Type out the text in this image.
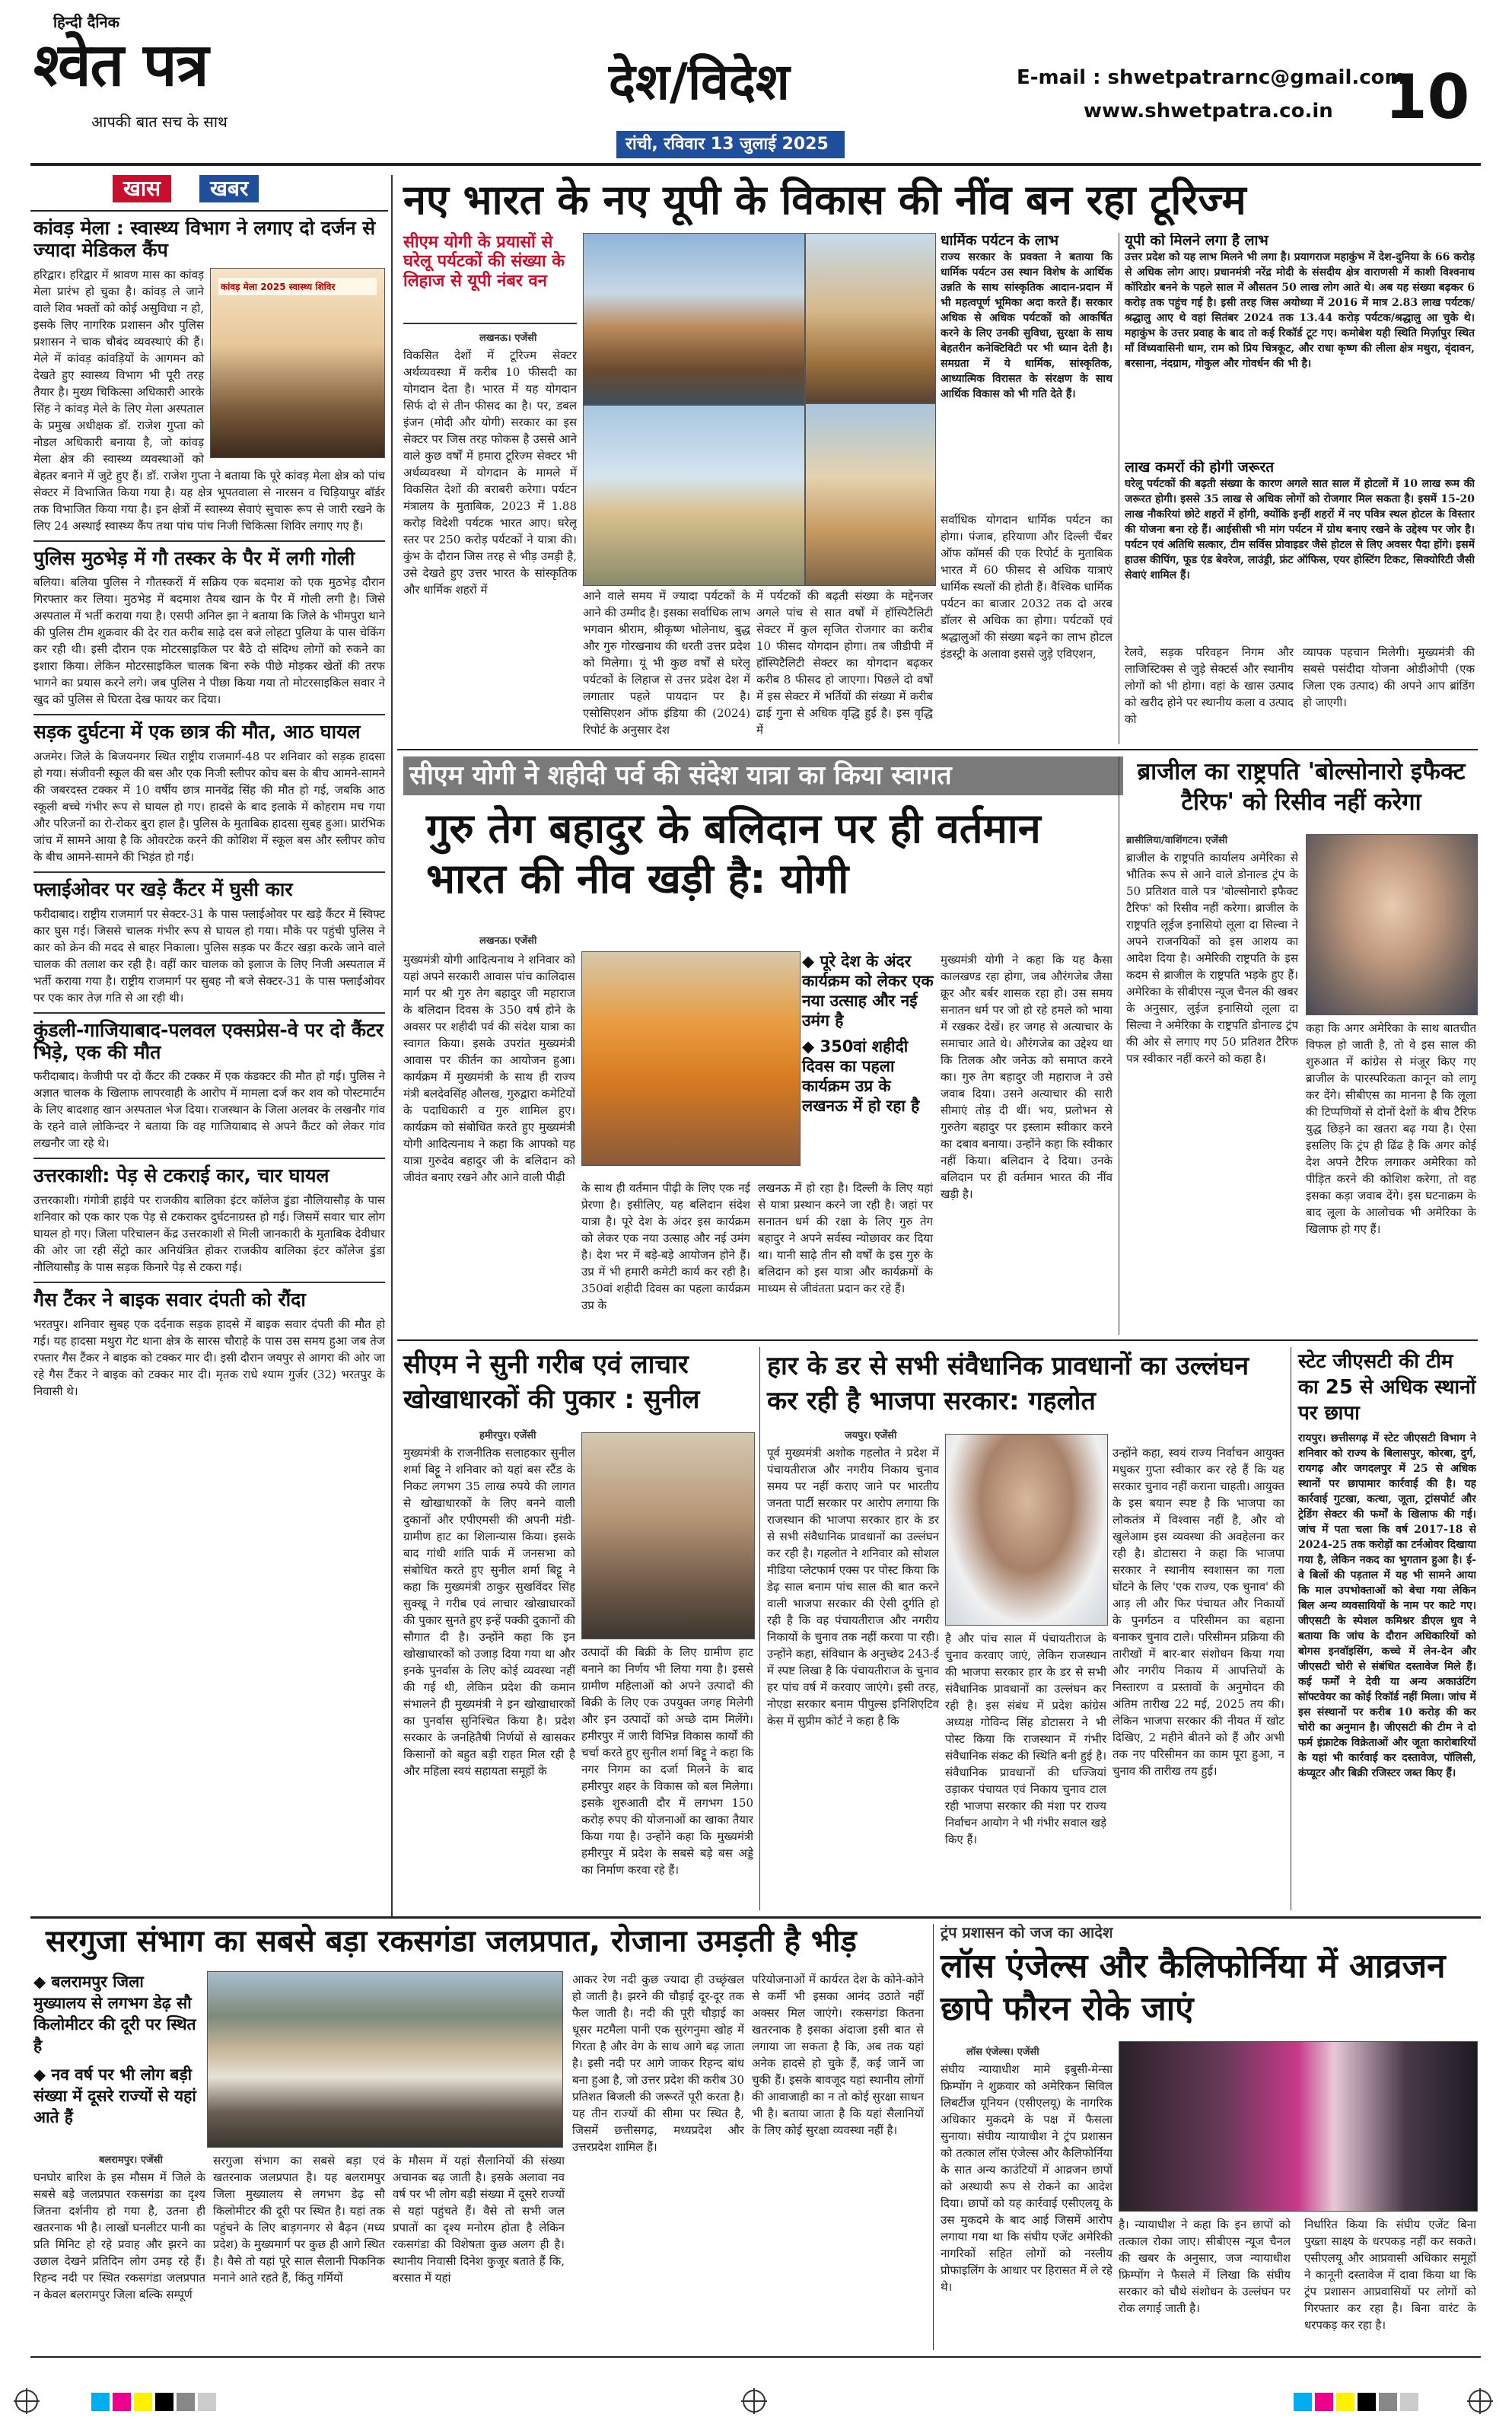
हिन्दी दैनिक
श्वेत पत्र
आपकी बात सच के साथ
देश/विदेश
रांची, रविवार 13 जुलाई 2025
E-mail : shwetpatrarnc@gmail.com
www.shwetpatra.co.in 10
खास	खबर
कांवड़ मेला : स्वास्थ्य विभाग ने लगाए दो दर्जन से ज्यादा मेडिकल कैंप
कांवड़ मेला 2025 स्वास्थ्य शिविर
हरिद्वार। हरिद्वार में श्रावण मास का कांवड़ मेला प्रारंभ हो चुका है। कांवड़ ले जाने वाले शिव भक्तों को कोई असुविधा न हो, इसके लिए नागरिक प्रशासन और पुलिस प्रशासन ने चाक चौबंद व्यवस्थाएं की हैं। मेले में कांवड़ कांवड़ियों के आगमन को देखते हुए स्वास्थ्य विभाग भी पूरी तरह तैयार है। मुख्य चिकित्सा अधिकारी आरके सिंह ने कांवड़ मेले के लिए मेला अस्पताल के प्रमुख अधीक्षक डॉ. राजेश गुप्ता को नोडल अधिकारी बनाया है, जो कांवड़ मेला क्षेत्र की स्वास्थ्य व्यवस्थाओं को बेहतर बनाने में जुटे हुए हैं। डॉ. राजेश गुप्ता ने बताया कि पूरे कांवड़ मेला क्षेत्र को पांच सेक्टर में विभाजित किया गया है। यह क्षेत्र भूपतवाला से नारसन व चिड़ियापुर बॉर्डर तक विभाजित किया गया है। इन क्षेत्रों में स्वास्थ्य सेवाएं सुचारू रूप से जारी रखने के लिए 24 अस्थाई स्वास्थ्य कैंप तथा पांच पांच निजी चिकित्सा शिविर लगाए गए हैं।
पुलिस मुठभेड़ में गौ तस्कर के पैर में लगी गोली
बलिया। बलिया पुलिस ने गौतस्करों में सक्रिय एक बदमाश को एक मुठभेड़ दौरान गिरफ्तार कर लिया। मुठभेड़ में बदमाश तैयब खान के पैर में गोली लगी है। जिसे अस्पताल में भर्ती कराया गया है। एसपी अनिल झा ने बताया कि जिले के भीमपुरा थाने की पुलिस टीम शुक्रवार की देर रात करीब साढ़े दस बजे लोहटा पुलिया के पास चेकिंग कर रही थी। इसी दौरान एक मोटरसाइकिल पर बैठे दो संदिग्ध लोगों को रुकने का इशारा किया। लेकिन मोटरसाइकिल चालक बिना रुके पीछे मोड़कर खेतों की तरफ भागने का प्रयास करने लगे। जब पुलिस ने पीछा किया गया तो मोटरसाइकिल सवार ने खुद को पुलिस से घिरता देख फायर कर दिया।
सड़क दुर्घटना में एक छात्र की मौत, आठ घायल
अजमेर। जिले के बिजयनगर स्थित राष्ट्रीय राजमार्ग-48 पर शनिवार को सड़क हादसा हो गया। संजीवनी स्कूल की बस और एक निजी स्लीपर कोच बस के बीच आमने-सामने की जबरदस्त टक्कर में 10 वर्षीय छात्र मानवेंद्र सिंह की मौत हो गई, जबकि आठ स्कूली बच्चे गंभीर रूप से घायल हो गए। हादसे के बाद इलाके में कोहराम मच गया और परिजनों का रो-रोकर बुरा हाल है। पुलिस के मुताबिक हादसा सुबह हुआ। प्रारंभिक जांच में सामने आया है कि ओवरटेक करने की कोशिश में स्कूल बस और स्लीपर कोच के बीच आमने-सामने की भिड़ंत हो गई।
फ्लाईओवर पर खड़े कैंटर में घुसी कार
फरीदाबाद। राष्ट्रीय राजमार्ग पर सेक्टर-31 के पास फ्लाईओवर पर खड़े कैंटर में स्विफ्ट कार घुस गई। जिससे चालक गंभीर रूप से घायल हो गया। मौके पर पहुंची पुलिस ने कार को क्रेन की मदद से बाहर निकाला। पुलिस सड़क पर कैंटर खड़ा करके जाने वाले चालक की तलाश कर रही है। वहीं कार चालक को इलाज के लिए निजी अस्पताल में भर्ती कराया गया है। राष्ट्रीय राजमार्ग पर सुबह नौ बजे सेक्टर-31 के पास फ्लाईओवर पर एक कार तेज़ गति से आ रही थी।
कुंडली-गाजियाबाद-पलवल एक्सप्रेस-वे पर दो कैंटर भिड़े, एक की मौत
फरीदाबाद। केजीपी पर दो कैंटर की टक्कर में एक कंडक्टर की मौत हो गई। पुलिस ने अज्ञात चालक के खिलाफ लापरवाही के आरोप में मामला दर्ज कर शव को पोस्टमार्टम के लिए बादशाह खान अस्पताल भेज दिया। राजस्थान के जिला अलवर के लखनौर गांव के रहने वाले लोकिन्दर ने बताया कि वह गाजियाबाद से अपने कैंटर को लेकर गांव लखनौर जा रहे थे।
उत्तरकाशी: पेड़ से टकराई कार, चार घायल
उत्तरकाशी। गंगोत्री हाईवे पर राजकीय बालिका इंटर कॉलेज डुंडा नौलियासौड़ के पास शनिवार को एक कार एक पेड़ से टकराकर दुर्घटनाग्रस्त हो गई। जिसमें सवार चार लोग घायल हो गए। जिला परिचालन केंद्र उत्तरकाशी से मिली जानकारी के मुताबिक देवीधार की ओर जा रही सेंट्रो कार अनियंत्रित होकर राजकीय बालिका इंटर कॉलेज डुंडा नौलियासौड़ के पास सड़क किनारे पेड़ से टकरा गई।
गैस टैंकर ने बाइक सवार दंपती को रौंदा
भरतपुर। शनिवार सुबह एक दर्दनाक सड़क हादसे में बाइक सवार दंपती की मौत हो गई। यह हादसा मथुरा गेट थाना क्षेत्र के सारस चौराहे के पास उस समय हुआ जब तेज रफ्तार गैस टैंकर ने बाइक को टक्कर मार दी। इसी दौरान जयपुर से आगरा की ओर जा रहे गैस टैंकर ने बाइक को टक्कर मार दी। मृतक राधे श्याम गुर्जर (32) भरतपुर के निवासी थे।
नए भारत के नए यूपी के विकास की नींव बन रहा टूरिज्म
सीएम योगी के प्रयासों से घरेलू पर्यटकों की संख्या के लिहाज से यूपी नंबर वन
लखनऊ। एजेंसी
विकसित देशों में टूरिज्म सेक्टर अर्थव्यवस्था में करीब 10 फीसदी का योगदान देता है। भारत में यह योगदान सिर्फ दो से तीन फीसद का है। पर, डबल इंजन (मोदी और योगी) सरकार का इस सेक्टर पर जिस तरह फोकस है उससे आने वाले कुछ वर्षों में हमारा टूरिज्म सेक्टर भी अर्थव्यवस्था में योगदान के मामले में विकसित देशों की बराबरी करेगा। पर्यटन मंत्रालय के मुताबिक, 2023 में 1.88 करोड़ विदेशी पर्यटक भारत आए। घरेलू स्तर पर 250 करोड़ पर्यटकों ने यात्रा की। कुंभ के दौरान जिस तरह से भीड़ उमड़ी है, उसे देखते हुए उत्तर भारत के सांस्कृतिक और धार्मिक शहरों में	आने वाले समय में ज्यादा पर्यटकों के आने की उम्मीद है। इसका सर्वाधिक लाभ भगवान श्रीराम, श्रीकृष्ण भोलेनाथ, बुद्ध और गुरु गोरखनाथ की धरती उत्तर प्रदेश को मिलेगा। यूं भी कुछ वर्षों से घरेलू पर्यटकों के लिहाज से उत्तर प्रदेश देश में लगातार पहले पायदान पर है। एसोसिएशन ऑफ इंडिया की (2024) रिपोर्ट के अनुसार देश
में पर्यटकों की बढ़ती संख्या के मद्देनजर अगले पांच से सात वर्षों में हॉस्पिटैलिटी सेक्टर में कुल सृजित रोजगार का करीब 10 फीसद योगदान होगा। तब जीडीपी में हॉस्पिटैलिटी सेक्टर का योगदान बढ़कर करीब 8 फीसद हो जाएगा। पिछले दो वर्षों में इस सेक्टर में भर्तियों की संख्या में करीब ढाई गुना से अधिक वृद्धि हुई है। इस वृद्धि में
धार्मिक पर्यटन के लाभ
राज्य सरकार के प्रवक्ता ने बताया कि धार्मिक पर्यटन उस स्थान विशेष के आर्थिक उन्नति के साथ सांस्कृतिक आदान-प्रदान में भी महत्वपूर्ण भूमिका अदा करते हैं। सरकार अधिक से अधिक पर्यटकों को आकर्षित करने के लिए उनकी सुविधा, सुरक्षा के साथ बेहतरीन कनेक्टिविटी पर भी ध्यान देती है। समग्रता में ये धार्मिक, सांस्कृतिक, आध्यात्मिक विरासत के संरक्षण के साथ आर्थिक विकास को भी गति देते हैं।
सर्वाधिक योगदान धार्मिक पर्यटन का होगा। पंजाब, हरियाणा और दिल्ली चैंबर ऑफ कॉमर्स की एक रिपोर्ट के मुताबिक भारत में 60 फीसद से अधिक यात्राएं धार्मिक स्थलों की होती हैं। वैश्विक धार्मिक पर्यटन का बाजार 2032 तक दो अरब डॉलर से अधिक का होगा। पर्यटकों एवं श्रद्धालुओं की संख्या बढ़ने का लाभ होटल इंडस्ट्री के अलावा इससे जुड़े एविएशन,
यूपी को मिलने लगा है लाभ
उत्तर प्रदेश को यह लाभ मिलने भी लगा है। प्रयागराज महाकुंभ में देश-दुनिया के 66 करोड़ से अधिक लोग आए। प्रधानमंत्री नरेंद्र मोदी के संसदीय क्षेत्र वाराणसी में काशी विश्वनाथ कॉरिडोर बनने के पहले साल में औसतन 50 लाख लोग आते थे। अब यह संख्या बढ़कर 6 करोड़ तक पहुंच गई है। इसी तरह जिस अयोध्या में 2016 में मात्र 2.83 लाख पर्यटक/श्रद्धालु आए थे वहां सितंबर 2024 तक 13.44 करोड़ पर्यटक/श्रद्धालु आ चुके थे। महाकुंभ के उत्तर प्रवाह के बाद तो कई रिकॉर्ड टूट गए। कमोबेश यही स्थिति मिर्ज़ापुर स्थित माँ विंध्यवासिनी धाम, राम को प्रिय चित्रकूट, और राधा कृष्ण की लीला क्षेत्र मथुरा, वृंदावन, बरसाना, नंदग्राम, गोकुल और गोवर्धन की भी है।
लाख कमरों की होगी जरूरत
घरेलू पर्यटकों की बढ़ती संख्या के कारण अगले सात साल में होटलों में 10 लाख रूम की जरूरत होगी। इससे 35 लाख से अधिक लोगों को रोजगार मिल सकता है। इसमें 15-20 लाख नौकरियां छोटे शहरों में होंगी, क्योंकि इन्हीं शहरों में नए पवित्र स्थल होटल के विस्तार की योजना बना रहे हैं। आईसीसी भी मांग पर्यटन में ग्रोथ बनाए रखने के उद्देश्य पर जोर है। पर्यटन एवं अतिथि सत्कार, टीम सर्विस प्रोवाइडर जैसे होटल से लिए अवसर पैदा होंगे। इसमें हाउस कीपिंग, फूड एंड बेवरेज, लाउंड्री, फ्रंट ऑफिस, एयर होस्टिंग टिकट, सिक्योरिटी जैसी सेवाएं शामिल हैं।
रेलवे, सड़क परिवहन निगम और लाजिस्टिक्स से जुड़े सेक्टर्स और स्थानीय लोगों को भी होगा। वहां के खास उत्पाद को खरीद होने पर स्थानीय कला व उत्पाद को
व्यापक पहचान मिलेगी। मुख्यमंत्री की सबसे पसंदीदा योजना ओडीओपी (एक जिला एक उत्पाद) की अपने आप ब्रांडिंग हो जाएगी।
सीएम योगी ने शहीदी पर्व की संदेश यात्रा का किया स्वागत
गुरु तेग बहादुर के बलिदान पर ही वर्तमान भारत की नीव खड़ी है: योगी
लखनऊ। एजेंसी
मुख्यमंत्री योगी आदित्यनाथ ने शनिवार को यहां अपने सरकारी आवास पांच कालिदास मार्ग पर श्री गुरु तेग बहादुर जी महाराज के बलिदान दिवस के 350 वर्ष होने के अवसर पर शहीदी पर्व की संदेश यात्रा का स्वागत किया। इसके उपरांत मुख्यमंत्री आवास पर कीर्तन का आयोजन हुआ। कार्यक्रम में मुख्यमंत्री के साथ ही राज्य मंत्री बलदेवसिंह औलख, गुरुद्वारा कमेटियों के पदाधिकारी व गुरु शामिल हुए। कार्यक्रम को संबोधित करते हुए मुख्यमंत्री योगी आदित्यनाथ ने कहा कि आपको यह यात्रा गुरुदेव बहादुर जी के बलिदान को जीवंत बनाए रखने और आने वाली पीढ़ी
◆ पूरे देश के अंदर कार्यक्रम को लेकर एक नया उत्साह और नई उमंग है
◆ 350वां शहीदी दिवस का पहला कार्यक्रम उप्र के लखनऊ में हो रहा है
के साथ ही वर्तमान पीढ़ी के लिए एक नई प्रेरणा है। इसीलिए, यह बलिदान संदेश यात्रा है। पूरे देश के अंदर इस कार्यक्रम को लेकर एक नया उत्साह और नई उमंग है। देश भर में बड़े-बड़े आयोजन होने हैं। उप्र में भी हमारी कमेटी कार्य कर रही है। 350वां शहीदी दिवस का पहला कार्यक्रम उप्र के
लखनऊ में हो रहा है। दिल्ली के लिए यहां से यात्रा प्रस्थान करने जा रही है। जहां पर सनातन धर्म की रक्षा के लिए गुरु तेग बहादुर ने अपने सर्वस्व न्योछावर कर दिया था। यानी साढ़े तीन सौ वर्षों के इस गुरु के बलिदान को इस यात्रा और कार्यक्रमों के माध्यम से जीवंतता प्रदान कर रहे हैं।
मुख्यमंत्री योगी ने कहा कि यह कैसा कालखण्ड रहा होगा, जब औरंगजेब जैसा क्रूर और बर्बर शासक रहा हो। उस समय सनातन धर्म पर जो हो रहे हमले को भाया में रखकर देखें। हर जगह से अत्याचार के समाचार आते थे। औरंगजेब का उद्देश्य था कि तिलक और जनेऊ को समाप्त करने का। गुरु तेग बहादुर जी महाराज ने उसे जवाब दिया। उसने अत्याचार की सारी सीमाएं तोड़ दी थीं। भय, प्रलोभन से गुरुतेग बहादुर पर इस्लाम स्वीकार करने का दबाव बनाया। उन्होंने कहा कि स्वीकार नहीं किया। बलिदान दे दिया। उनके बलिदान पर ही वर्तमान भारत की नींव खड़ी है।
ब्राजील का राष्ट्रपति 'बोल्सोनारो इफैक्ट टैरिफ' को रिसीव नहीं करेगा
ब्रासीलिया/वाशिंगटन। एजेंसी
ब्राजील के राष्ट्रपति कार्यालय अमेरिका से भौतिक रूप से आने वाले डोनाल्ड ट्रंप के 50 प्रतिशत वाले पत्र 'बोल्सोनारो इफैक्ट टैरिफ' को रिसीव नहीं करेगा। ब्राजील के राष्ट्रपति लूईज इनासियो लूला दा सिल्वा ने अपने राजनयिकों को इस आशय का आदेश दिया है। अमेरिकी राष्ट्रपति के इस कदम से ब्राजील के राष्ट्रपति भड़के हुए हैं। अमेरिका के सीबीएस न्यूज चैनल की खबर के अनुसार, लुईज इनासियो लूला दा सिल्वा ने अमेरिका के राष्ट्रपति डोनाल्ड ट्रंप की ओर से लगाए गए 50 प्रतिशत टैरिफ पत्र स्वीकार नहीं करने को कहा है।
कहा कि अगर अमेरिका के साथ बातचीत विफल हो जाती है, तो वे इस साल की शुरुआत में कांग्रेस से मंजूर किए गए ब्राजील के पारस्परिकता कानून को लागू कर देंगे। सीबीएस का मानना है कि लूला की टिप्पणियों से दोनों देशों के बीच टैरिफ युद्ध छिड़ने का खतरा बढ़ गया है। ऐसा इसलिए कि ट्रंप ही ढिंढ है कि अगर कोई देश अपने टैरिफ लगाकर अमेरिका को पीड़ित करने की कोशिश करेगा, तो वह इसका कड़ा जवाब देंगे। इस घटनाक्रम के बाद लूला के आलोचक भी अमेरिका के खिलाफ हो गए हैं।
सीएम ने सुनी गरीब एवं लाचार खोखाधारकों की पुकार : सुनील
हमीरपुर। एजेंसी
मुख्यमंत्री के राजनीतिक सलाहकार सुनील शर्मा बिट्टू ने शनिवार को यहां बस स्टैंड के निकट लगभग 35 लाख रुपये की लागत से खोखाधारकों के लिए बनने वाली दुकानों और एपीएमसी की अपनी मंडी-ग्रामीण हाट का शिलान्यास किया। इसके बाद गांधी शांति पार्क में जनसभा को संबोधित करते हुए सुनील शर्मा बिट्टू ने कहा कि मुख्यमंत्री ठाकुर सुखविंदर सिंह सुक्खू ने गरीब एवं लाचार खोखाधारकों की पुकार सुनते हुए इन्हें पक्की दुकानों की सौगात दी है। उन्होंने कहा कि इन खोखाधारकों को उजाड़ दिया गया था और इनके पुनर्वास के लिए कोई व्यवस्था नहीं की गई थी, लेकिन प्रदेश की कमान संभालने ही मुख्यमंत्री ने इन खोखाधारकों का पुनर्वास सुनिश्चित किया है। प्रदेश सरकार के जनहितैषी निर्णयों से खासकर किसानों को बहुत बड़ी राहत मिल रही है और महिला स्वयं सहायता समूहों के
उत्पादों की बिक्री के लिए ग्रामीण हाट बनाने का निर्णय भी लिया गया है। इससे ग्रामीण महिलाओं को अपने उत्पादों की बिक्री के लिए एक उपयुक्त जगह मिलेगी और इन उत्पादों को अच्छे दाम मिलेंगे। हमीरपुर में जारी विभिन्न विकास कार्यों की चर्चा करते हुए सुनील शर्मा बिट्टू ने कहा कि नगर निगम का दर्जा मिलने के बाद हमीरपुर शहर के विकास को बल मिलेगा। इसके शुरुआती दौर में लगभग 150 करोड़ रुपए की योजनाओं का खाका तैयार किया गया है। उन्होंने कहा कि मुख्यमंत्री हमीरपुर में प्रदेश के सबसे बड़े बस अड्डे का निर्माण करवा रहे हैं।
हार के डर से सभी संवैधानिक प्रावधानों का उल्लंघन कर रही है भाजपा सरकार: गहलोत
जयपुर। एजेंसी
पूर्व मुख्यमंत्री अशोक गहलोत ने प्रदेश में पंचायतीराज और नगरीय निकाय चुनाव समय पर नहीं कराए जाने पर भारतीय जनता पार्टी सरकार पर आरोप लगाया कि राजस्थान की भाजपा सरकार हार के डर से सभी संवैधानिक प्रावधानों का उल्लंघन कर रही है। गहलोत ने शनिवार को सोशल मीडिया प्लेटफार्म एक्स पर पोस्ट किया कि डेढ़ साल बनाम पांच साल की बात करने वाली भाजपा सरकार की ऐसी दुर्गति हो रही है कि वह पंचायतीराज और नगरीय निकायों के चुनाव तक नहीं करवा पा रही। उन्होंने कहा, संविधान के अनुच्छेद 243-ई में स्पष्ट लिखा है कि पंचायतीराज के चुनाव हर पांच वर्ष में करवाए जाएंगे। इसी तरह, नोएडा सरकार बनाम पीपुल्स इनिशिएटिव केस में सुप्रीम कोर्ट ने कहा है कि
है और पांच साल में पंचायतीराज के चुनाव करवाए जाएं, लेकिन राजस्थान की भाजपा सरकार हार के डर से सभी संवैधानिक प्रावधानों का उल्लंघन कर रही है। इस संबंध में प्रदेश कांग्रेस अध्यक्ष गोविन्द सिंह डोटासरा ने भी पोस्ट किया कि राजस्थान में गंभीर संवैधानिक संकट की स्थिति बनी हुई है। संवैधानिक प्रावधानों की धज्जियां उड़ाकर पंचायत एवं निकाय चुनाव टाल रही भाजपा सरकार की मंशा पर राज्य निर्वाचन आयोग ने भी गंभीर सवाल खड़े किए हैं।
उन्होंने कहा, स्वयं राज्य निर्वाचन आयुक्त मधुकर गुप्ता स्वीकार कर रहे हैं कि यह सरकार चुनाव नहीं कराना चाहती। आयुक्त के इस बयान स्पष्ट है कि भाजपा का लोकतंत्र में विश्वास नहीं है, और वो खुलेआम इस व्यवस्था की अवहेलना कर रही है। डोटासरा ने कहा कि भाजपा सरकार ने स्थानीय स्वशासन का गला घोंटने के लिए 'एक राज्य, एक चुनाव' की आड़ ली और फिर पंचायत और निकायों के पुनर्गठन व परिसीमन का बहाना बनाकर चुनाव टाले। परिसीमन प्रक्रिया की तारीखों में बार-बार संशोधन किया गया और नगरीय निकाय में आपत्तियों के निस्तारण व प्रस्तावों के अनुमोदन की अंतिम तारीख 22 मई, 2025 तय की। लेकिन भाजपा सरकार की नीयत में खोट दिखिए, 2 महीने बीतने को हैं और अभी तक नए परिसीमन का काम पूरा हुआ, न चुनाव की तारीख तय हुई।
स्टेट जीएसटी की टीम का 25 से अधिक स्थानों पर छापा
रायपुर। छत्तीसगढ़ में स्टेट जीएसटी विभाग ने शनिवार को राज्य के बिलासपुर, कोरबा, दुर्ग, रायगढ़ और जगदलपुर में 25 से अधिक स्थानों पर छापामार कार्रवाई की है। यह कार्रवाई गुटखा, कत्था, जूता, ट्रांसपोर्ट और ट्रेडिंग सेक्टर की फर्मों के खिलाफ की गई। जांच में पता चला कि वर्ष 2017-18 से 2024-25 तक करोड़ों का टर्नओवर दिखाया गया है, लेकिन नकद का भुगतान हुआ है। ई-वे बिलों की पड़ताल में यह भी सामने आया कि माल उपभोक्ताओं को बेचा गया लेकिन बिल अन्य व्यवसायियों के नाम पर काटे गए। जीएसटी के स्पेशल कमिश्नर डीएल धुव ने बताया कि जांच के दौरान अधिकारियों को बोगस इनवॉइसिंग, कच्चे में लेन-देन और जीएसटी चोरी से संबंधित दस्तावेज मिले हैं। कई फर्मों ने देवी या अन्य अकाउंटिंग सॉफ्टवेयर का कोई रिकॉर्ड नहीं मिला। जांच में इस संस्थानों पर करीब 10 करोड़ की कर चोरी का अनुमान है। जीएसटी की टीम ने दो फर्म इंफ्राटेक विक्रेताओं और जूता कारोबारियों के यहां भी कार्रवाई कर दस्तावेज, पॉलिसी, कंप्यूटर और बिक्री रजिस्टर जब्त किए हैं।
सरगुजा संभाग का सबसे बड़ा रकसगंडा जलप्रपात, रोजाना उमड़ती है भीड़
◆ बलरामपुर जिला मुख्यालय से लगभग डेढ़ सौ किलोमीटर की दूरी पर स्थित है
◆ नव वर्ष पर भी लोग बड़ी संख्या में दूसरे राज्यों से यहां आते हैं
बलरामपुर। एजेंसी
घनघोर बारिश के इस मौसम में जिले के सबसे बड़े जलप्रपात रकसगंडा का दृश्य जितना दर्शनीय हो गया है, उतना ही खतरनाक भी है। लाखों घनलीटर पानी का प्रति मिनिट हो रहे प्रवाह और झरने का उछाल देखने प्रतिदिन लोग उमड़ रहे हैं। रिहन्द नदी पर स्थित रकसगंडा जलप्रपात न केवल बलरामपुर जिला बल्कि सम्पूर्ण
सरगुजा संभाग का सबसे बड़ा एवं खतरनाक जलप्रपात है। यह बलरामपुर जिला मुख्यालय से लगभग डेढ़ सौ किलोमीटर की दूरी पर स्थित है। यहां तक पहुंचने के लिए बाड़गनगर से बैढ़न (मध्य प्रदेश) के मुख्यमार्ग पर कुछ ही आगे स्थित है। वैसे तो यहां पूरे साल सैलानी पिकनिक मनाने आते रहते हैं, किंतु गर्मियों
के मौसम में यहां सैलानियों की संख्या अचानक बढ़ जाती है। इसके अलावा नव वर्ष पर भी लोग बड़ी संख्या में दूसरे राज्यों से यहां पहुंचते हैं। वैसे तो सभी जल प्रपातों का दृश्य मनोरम होता है लेकिन रकसगंडा की विशेषता कुछ अलग ही है। स्थानीय निवासी दिनेश कुजूर बताते हैं कि, बरसात में यहां
आकर रेण नदी कुछ ज्यादा ही उच्छृंखल हो जाती है। झरने की चौड़ाई दूर-दूर तक फैल जाती है। नदी की पूरी चौड़ाई का धूसर मटमैला पानी एक सुरंगनुमा खोह में गिरता है और वेग के साथ आगे बढ़ जाता है। इसी नदी पर आगे जाकर रिहन्द बांध बना हुआ है, जो उत्तर प्रदेश की करीब 30 प्रतिशत बिजली की जरूरतें पूरी करता है। यह तीन राज्यों की सीमा पर स्थित है, जिसमें छत्तीसगढ़, मध्यप्रदेश और उत्तरप्रदेश शामिल हैं।
परियोजनाओं में कार्यरत देश के कोने-कोने से कर्मी भी इसका आनंद उठाते नहीं अक्सर मिल जाएंगे। रकसगंडा कितना खतरनाक है इसका अंदाजा इसी बात से लगाया जा सकता है कि, अब तक यहां अनेक हादसे हो चुके हैं, कई जानें जा चुकी हैं। इसके बावजूद यहां स्थानीय लोगों की आवाजाही का न तो कोई सुरक्षा साधन भी है। बताया जाता है कि यहां सैलानियों के लिए कोई सुरक्षा व्यवस्था नहीं है।
ट्रंप प्रशासन को जज का आदेश
लॉस एंजेल्स और कैलिफोर्निया में आव्रजन छापे फौरन रोके जाएं
लॉस एंजेल्स। एजेंसी
संघीय न्यायाधीश मामे इबुसी-मेन्सा फ्रिम्पोंग ने शुक्रवार को अमेरिकन सिविल लिबर्टीज यूनियन (एसीएलयू) के नागरिक अधिकार मुकदमे के पक्ष में फैसला सुनाया। संघीय न्यायाधीश ने ट्रंप प्रशासन को तत्काल लॉस एंजेल्स और कैलिफोर्निया के सात अन्य काउंटियों में आव्रजन छापों को अस्थायी रूप से रोकने का आदेश दिया। छापों को यह कार्रवाई एसीएलयू के उस मुकदमे के बाद आई जिसमें आरोप लगाया गया था कि संघीय एजेंट अमेरिकी नागरिकों सहित लोगों को नस्लीय प्रोफाइलिंग के आधार पर हिरासत में ले रहे थे।
है। न्यायाधीश ने कहा कि इन छापों को तत्काल रोका जाए। सीबीएस न्यूज चैनल की खबर के अनुसार, जज न्यायाधीश फ्रिम्पोंग ने फैसले में लिखा कि संघीय सरकार को चौथे संशोधन के उल्लंघन पर रोक लगाई जाती है।
निर्धारित किया कि संघीय एजेंट बिना पुख्ता साक्ष्य के धरपकड़ नहीं कर सकते। एसीएलयू और आप्रवासी अधिकार समूहों ने कानूनी दस्तावेज में दावा किया था कि ट्रंप प्रशासन आप्रवासियों पर लोगों को गिरफ्तार कर रहा है। बिना वारंट के धरपकड़ कर रहा है।
